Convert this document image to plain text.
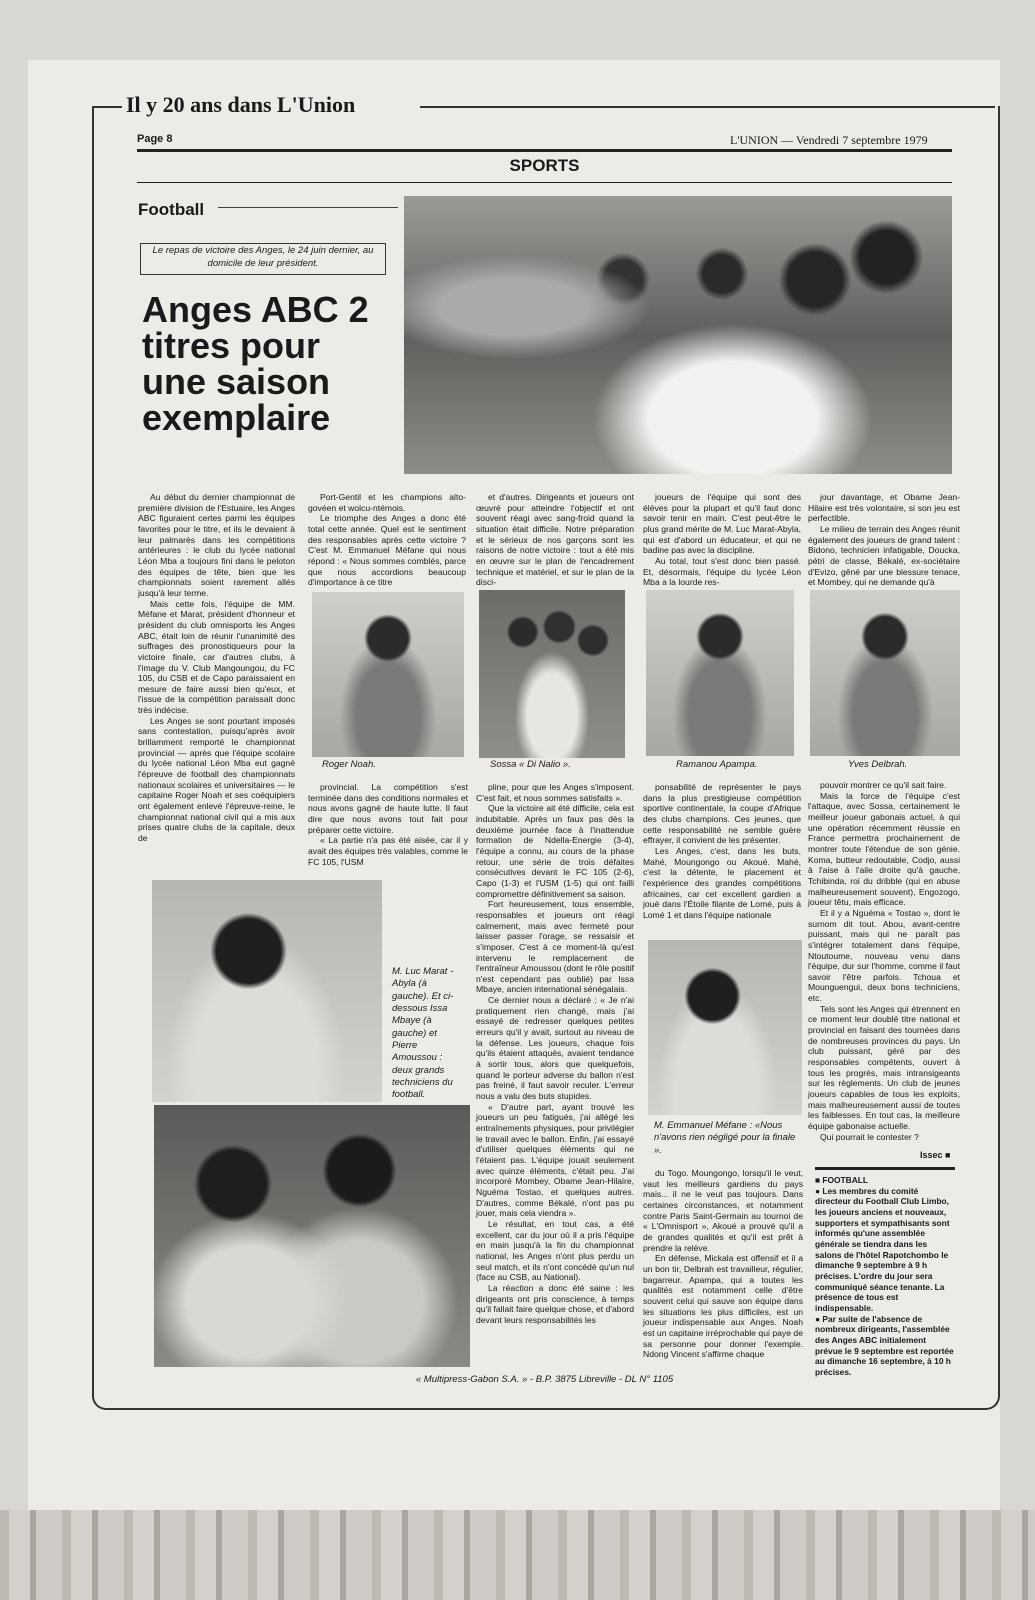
Il y 20 ans dans L'Union
Page 8	L'UNION — Vendredi 7 septembre 1979
SPORTS
Football
Le repas de victoire des Anges, le 24 juin dernier, au domicile de leur président.
Anges ABC 2 titres pour une saison exemplaire

Au début du dernier championnat de première division de l'Estuaire, les Anges ABC figuraient certes parmi les équipes favorites pour le titre, et ils le devaient à leur palmarès dans les compétitions antérieures : le club du lycée national Léon Mba a toujours fini dans le peloton des équipes de tête, bien que les championnats soient rarement allés jusqu'à leur terme.

Mais cette fois, l'équipe de MM. Méfane et Marat, président d'honneur et président du club omnisports les Anges ABC, était loin de réunir l'unanimité des suffrages des pronostiqueurs pour la victoire finale, car d'autres clubs, à l'image du V. Club Mangoungou, du FC 105, du CSB et de Capo paraissaient en mesure de faire aussi bien qu'eux, et l'issue de la compétition paraissait donc très indécise.

Les Anges se sont pourtant imposés sans contestation, puisqu'après avoir brillamment remporté le championnat provincial — après que l'équipe scolaire du lycée national Léon Mba eut gagné l'épreuve de football des championnats nationaux scolaires et universitaires — le capitaine Roger Noah et ses coéquipiers ont également enlevé l'épreuve-reine, le championnat national civil qui a mis aux prises quatre clubs de la capitale, deux de

Port-Gentil et les champions alto-govéen et wolcu-ntémois.

Le triomphe des Anges a donc été total cette année. Quel est le sentiment des responsables après cette victoire ? C'est M. Emmanuel Méfane qui nous répond : « Nous sommes comblés, parce que nous accordions beaucoup d'importance à ce titre

et d'autres. Dirigeants et joueurs ont œuvré pour atteindre l'objectif et ont souvent réagi avec sang-froid quand la situation était difficile. Notre préparation et le sérieux de nos garçons sont les raisons de notre victoire : tout a été mis en œuvre sur le plan de l'encadrement technique et matériel, et sur le plan de la disci-

joueurs de l'équipe qui sont des élèves pour la plupart et qu'il faut donc savoir tenir en main. C'est peut-être le plus grand mérite de M. Luc Marat-Abyla, qui est d'abord un éducateur, et qui ne badine pas avec la discipline.

Au total, tout s'est donc bien passé. Et, désormais, l'équipe du lycée Léon Mba a la lourde res-

jour davantage, et Obame Jean-Hilaire est très volontaire, si son jeu est perfectible.

Le milieu de terrain des Anges réunit également des joueurs de grand talent : Bidono, technicien infatigable, Doucka, pétri de classe, Békalé, ex-sociétaire d'Evizo, gêné par une blessure tenace, et Mombey, qui ne demande qu'à

Roger Noah.	Sossa « Di Nalio ».	Ramanou Apampa.	Yves Delbrah.

provincial. La compétition s'est terminée dans des conditions normales et nous avons gagné de haute lutte. Il faut dire que nous avons tout fait pour préparer cette victoire.

« La partie n'a pas été aisée, car il y avait des équipes très valables, comme le FC 105, l'USM

pline, pour que les Anges s'imposent. C'est fait, et nous sommes satisfaits ».

Que la victoire ait été difficile, cela est indubitable. Après un faux pas dès la deuxième journée face à l'inattendue formation de Ndella-Energie (3-4), l'équipe a connu, au cours de la phase retour, une série de trois défaites consécutives devant le FC 105 (2-6), Capo (1-3) et l'USM (1-5) qui ont failli compromettre définitivement sa saison.

Fort heureusement, tous ensemble, responsables et joueurs ont réagi calmement, mais avec fermeté pour laisser passer l'orage, se ressaisir et s'imposer. C'est à ce moment-là qu'est intervenu le remplacement de l'entraîneur Amoussou (dont le rôle positif n'est cependant pas oublié) par Issa Mbaye, ancien international sénégalais.

Ce dernier nous a déclaré : « Je n'ai pratiquement rien changé, mais j'ai essayé de redresser quelques petites erreurs qu'il y avait, surtout au niveau de la défense. Les joueurs, chaque fois qu'ils étaient attaqués, avaient tendance à sortir tous, alors que quelquefois, quand le porteur adverse du ballon n'est pas freiné, il faut savoir reculer. L'erreur nous a valu des buts stupides.

« D'autre part, ayant trouvé les joueurs un peu fatigués, j'ai allégé les entraînements physiques, pour privilégier le travail avec le ballon. Enfin, j'ai essayé d'utiliser quelques éléments qui ne l'étaient pas. L'équipe jouait seulement avec quinze éléments, c'était peu. J'ai incorporé Mombey, Obame Jean-Hilaire, Nguéma Tostao, et quelques autres. D'autres, comme Békalé, n'ont pas pu jouer, mais cela viendra ».

Le résultat, en tout cas, a été excellent, car du jour où il a pris l'équipe en main jusqu'à la fin du championnat national, les Anges n'ont plus perdu un seul match, et ils n'ont concédé qu'un nul (face au CSB, au National).

La réaction a donc été saine : les dirigeants ont pris conscience, à temps qu'il fallait faire quelque chose, et d'abord devant leurs responsabilités les

ponsabilité de représenter le pays dans la plus prestigieuse compétition sportive continentale, la coupe d'Afrique des clubs champions. Ces jeunes, que cette responsabilité ne semble guère effrayer, il convient de les présenter.

Les Anges, c'est, dans les buts, Mahé, Moungongo ou Akoué. Mahé, c'est la détente, le placement et l'expérience des grandes compétitions africaines, car cet excellent gardien a joué dans l'Étoile filante de Lomé, puis à Lomé 1 et dans l'équipe nationale

pouvoir montrer ce qu'il sait faire.

Mais la force de l'équipe c'est l'attaque, avec Sossa, certainement le meilleur joueur gabonais actuel, à qui une opération récemment réussie en France permettra prochainement de montrer toute l'étendue de son génie. Koma, butteur redoutable, Codjo, aussi à l'aise à l'aile droite qu'à gauche, Tchibinda, roi du dribble (qui en abuse malheureusement souvent), Engozogo, joueur têtu, mais efficace.

Et il y a Nguéma « Tostao », dont le surnom dit tout. Abou, avant-centre puissant, mais qui ne paraît pas s'intégrer totalement dans l'équipe, Ntoutoume, nouveau venu dans l'équipe, dur sur l'homme, comme il faut savoir l'être parfois. Tchoua et Mounguengui, deux bons techniciens, etc.

Tels sont les Anges qui étrennent en ce moment leur doublé titre national et provincial en faisant des tournées dans de nombreuses provinces du pays. Un club puissant, géré par des responsables compétents, ouvert à tous les progrès, mais intransigeants sur les règlements. Un club de jeunes joueurs capables de tous les exploits, mais malheureusement aussi de toutes les faiblesses. En tout cas, la meilleure équipe gabonaise actuelle.

Qui pourrait le contester ?

Issec ■
M. Luc Marat - Abyla (à gauche). Et ci-dessous Issa Mbaye (à gauche) et Pierre Amoussou : deux grands techniciens du football.
M. Emmanuel Méfane : «Nous n'avons rien négligé pour la finale ».

du Togo. Moungongo, lorsqu'il le veut, vaut les meilleurs gardiens du pays mais... il ne le veut pas toujours. Dans certaines circonstances, et notamment contre Paris Saint-Germain au tournoi de « L'Omnisport », Akoué a prouvé qu'il a de grandes qualités et qu'il est prêt à prendre la relève.

En défense, Mickala est offensif et il a un bon tir, Delbrah est travailleur, régulier, bagarreur. Apampa, qui a toutes les qualités est notamment celle d'être souvent celui qui sauve son équipe dans les situations les plus difficiles, est un joueur indispensable aux Anges. Noah est un capitaine irréprochable qui paye de sa personne pour donner l'exemple. Ndong Vincent s'affirme chaque

■ FOOTBALL

● Les membres du comité directeur du Football Club Limbo, les joueurs anciens et nouveaux, supporters et sympathisants sont informés qu'une assemblée générale se tiendra dans les salons de l'hôtel Rapotchombo le dimanche 9 septembre à 9 h précises. L'ordre du jour sera communiqué séance tenante. La présence de tous est indispensable.

● Par suite de l'absence de nombreux dirigeants, l'assemblée des Anges ABC initialement prévue le 9 septembre est reportée au dimanche 16 septembre, à 10 h précises.

« Multipress-Gabon S.A. » - B.P. 3875 Libreville - DL N° 1105
